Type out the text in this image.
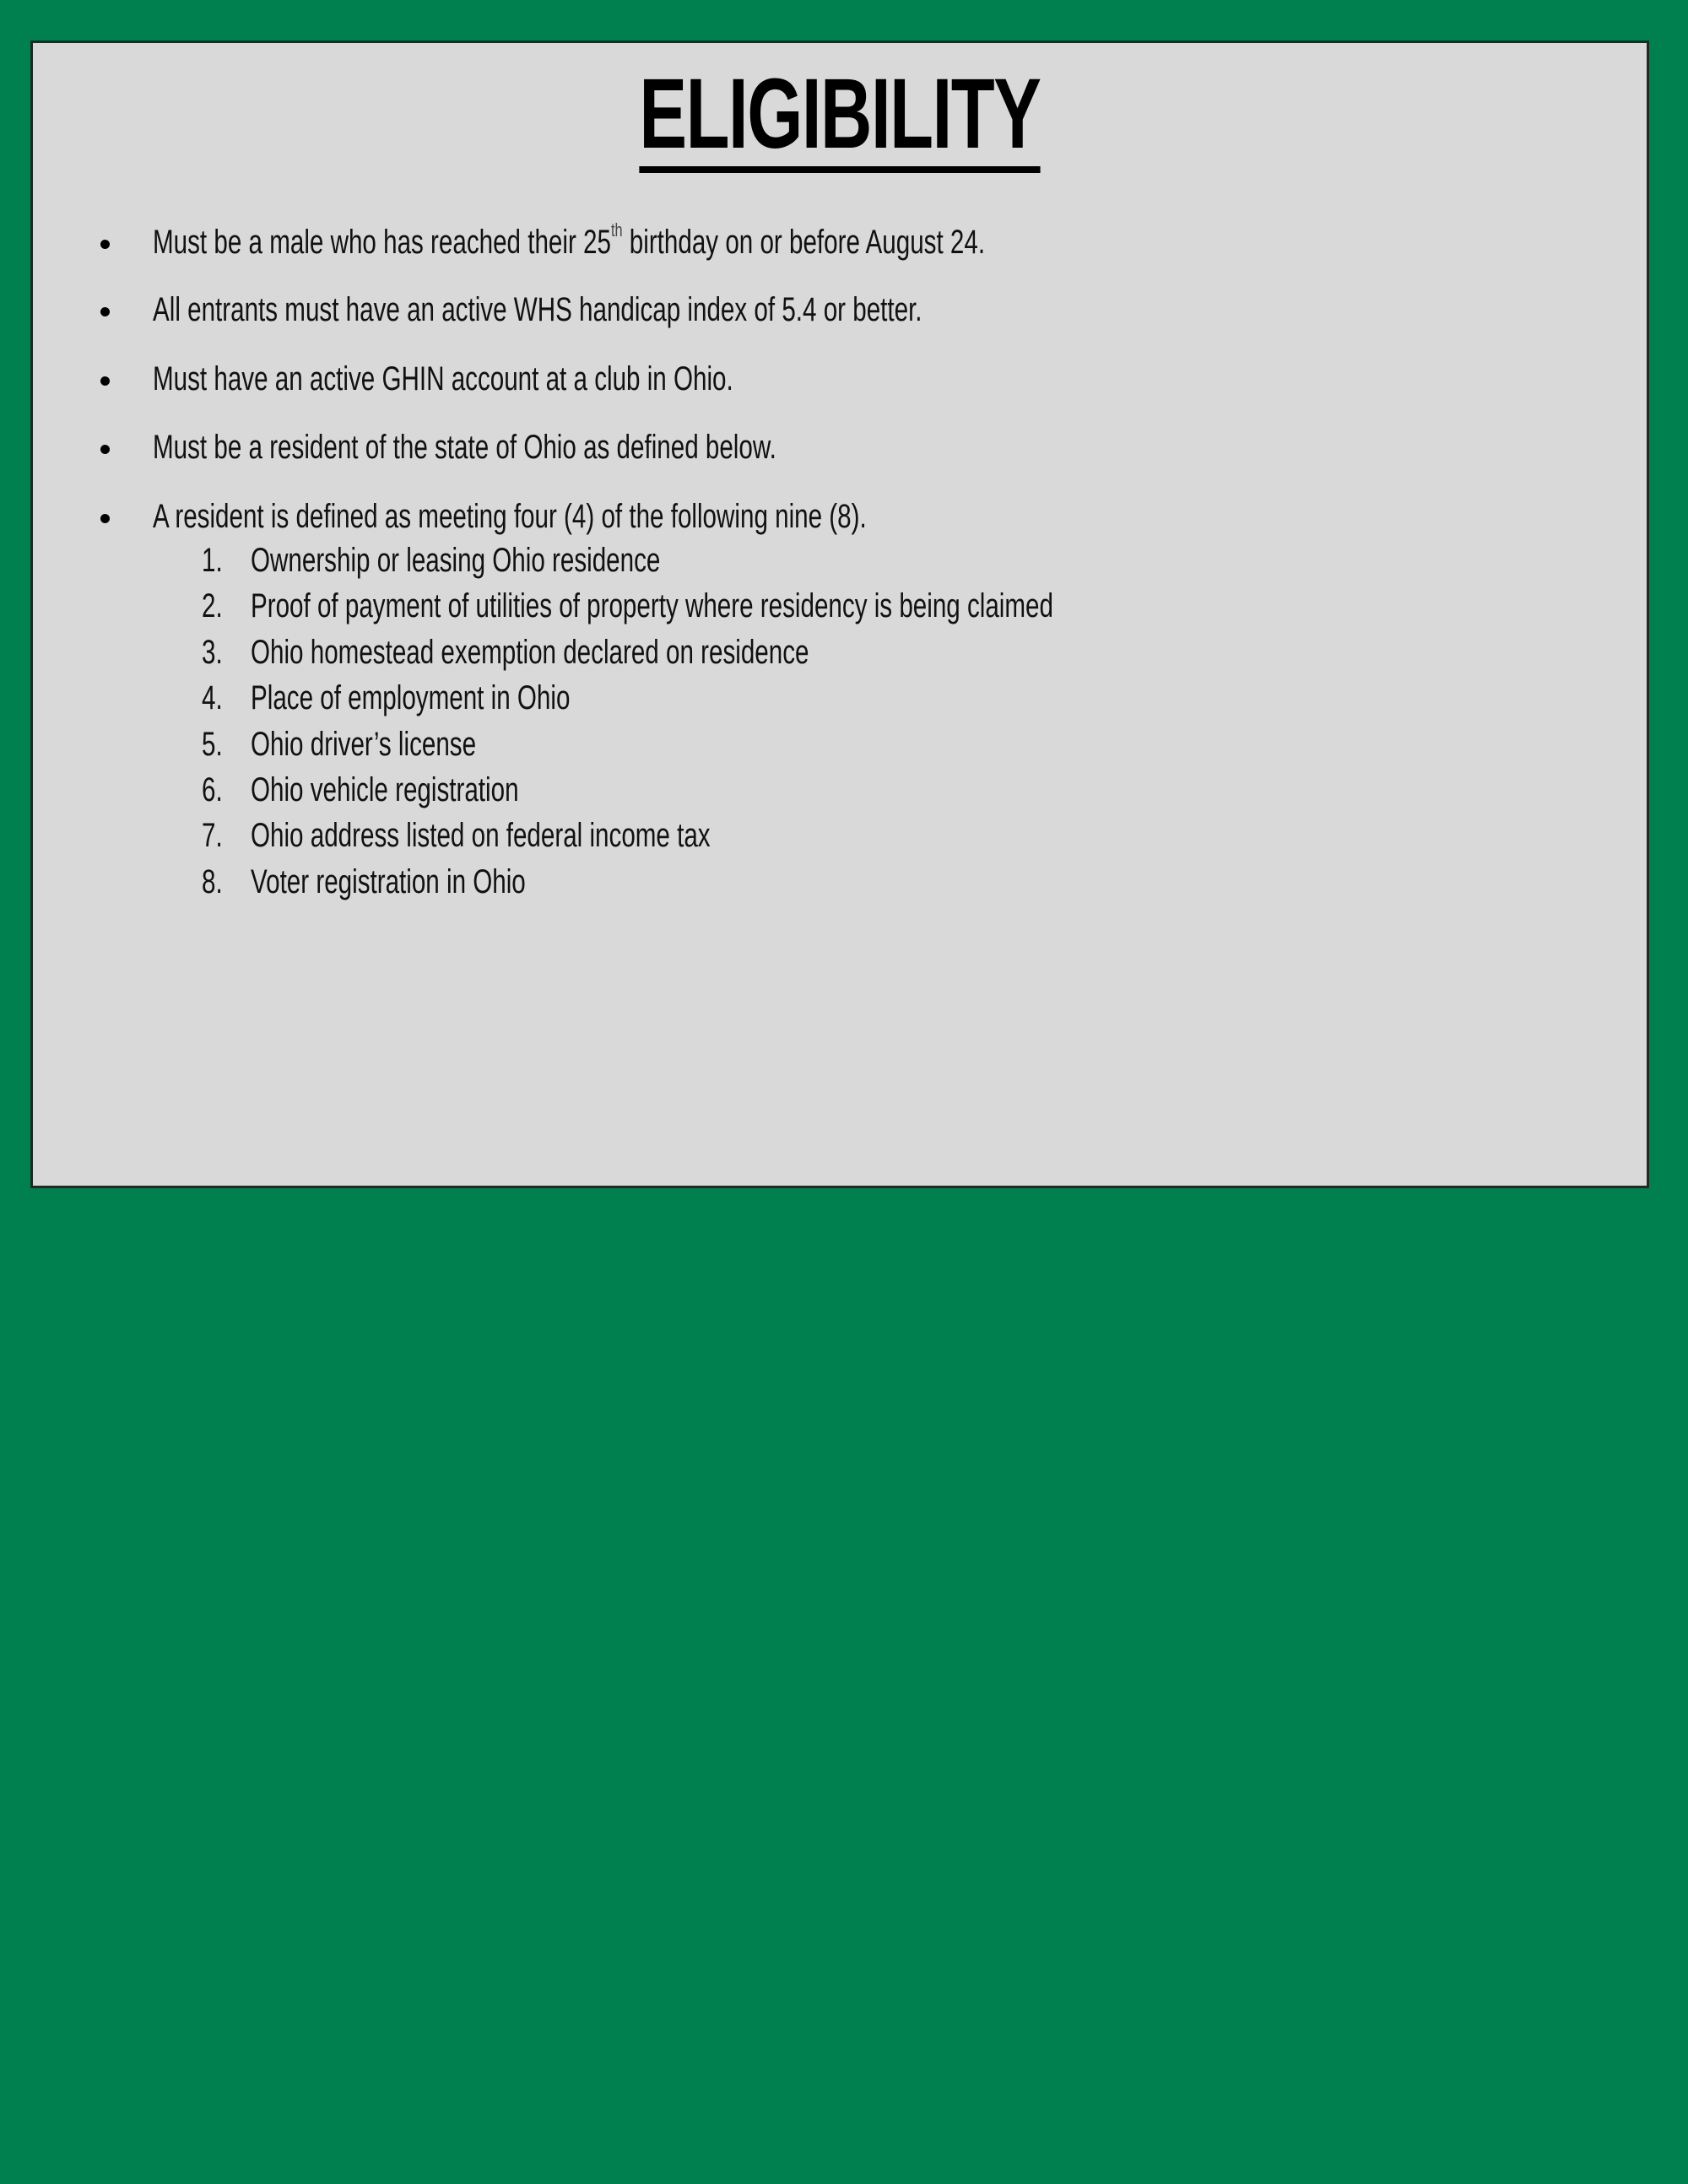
ELIGIBILITY
Must be a male who has reached their 25th birthday on or before August 24.
All entrants must have an active WHS handicap index of 5.4 or better.
Must have an active GHIN account at a club in Ohio.
Must be a resident of the state of Ohio as defined below.
A resident is defined as meeting four (4) of the following nine (8).
1. Ownership or leasing Ohio residence
2. Proof of payment of utilities of property where residency is being claimed
3. Ohio homestead exemption declared on residence
4. Place of employment in Ohio
5. Ohio driver’s license
6. Ohio vehicle registration
7. Ohio address listed on federal income tax
8. Voter registration in Ohio
